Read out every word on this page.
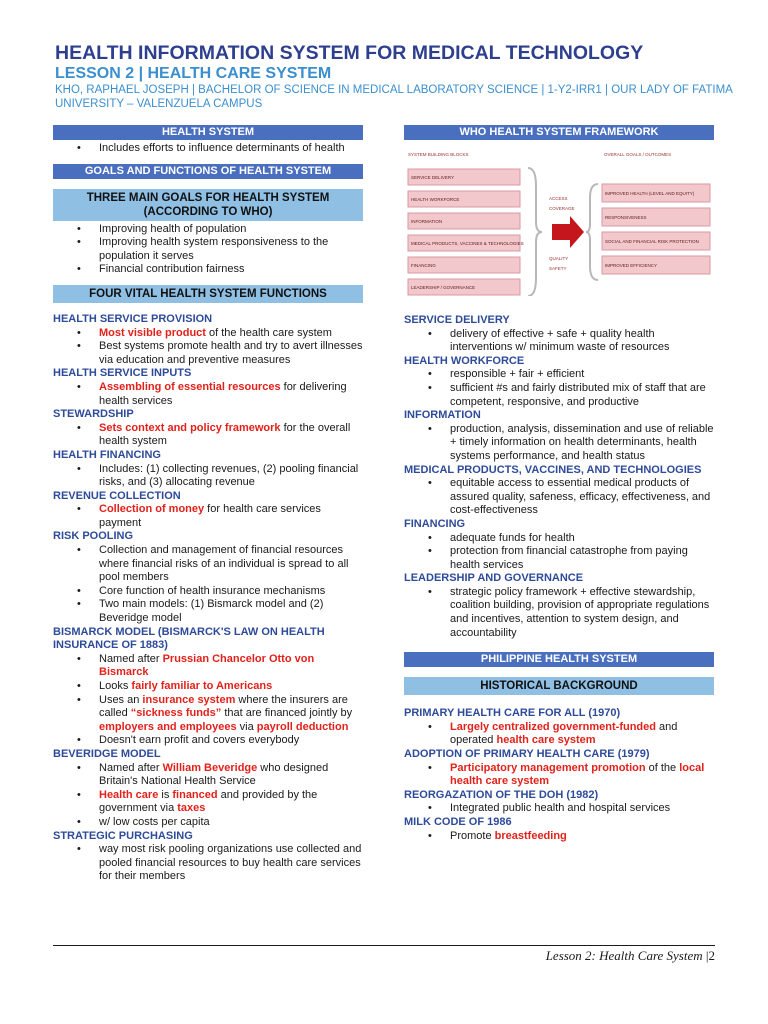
HEALTH INFORMATION SYSTEM FOR MEDICAL TECHNOLOGY
LESSON 2 | HEALTH CARE SYSTEM
KHO, RAPHAEL JOSEPH | BACHELOR OF SCIENCE IN MEDICAL LABORATORY SCIENCE | 1-Y2-IRR1 | OUR LADY OF FATIMA UNIVERSITY – VALENZUELA CAMPUS
HEALTH SYSTEM
• Includes efforts to influence determinants of health
GOALS AND FUNCTIONS OF HEALTH SYSTEM
THREE MAIN GOALS FOR HEALTH SYSTEM (ACCORDING TO WHO)
• Improving health of population
• Improving health system responsiveness to the population it serves
• Financial contribution fairness
FOUR VITAL HEALTH SYSTEM FUNCTIONS
HEALTH SERVICE PROVISION
• Most visible product of the health care system
• Best systems promote health and try to avert illnesses via education and preventive measures
HEALTH SERVICE INPUTS
• Assembling of essential resources for delivering health services
STEWARDSHIP
• Sets context and policy framework for the overall health system
HEALTH FINANCING
• Includes: (1) collecting revenues, (2) pooling financial risks, and (3) allocating revenue
REVENUE COLLECTION
• Collection of money for health care services payment
RISK POOLING
• Collection and management of financial resources where financial risks of an individual is spread to all pool members
• Core function of health insurance mechanisms
• Two main models: (1) Bismarck model and (2) Beveridge model
BISMARCK MODEL (BISMARCK'S LAW ON HEALTH INSURANCE OF 1883)
• Named after Prussian Chancelor Otto von Bismarck
• Looks fairly familiar to Americans
• Uses an insurance system where the insurers are called “sickness funds” that are financed jointly by employers and employees via payroll deduction
• Doesn't earn profit and covers everybody
BEVERIDGE MODEL
• Named after William Beveridge who designed Britain's National Health Service
• Health care is financed and provided by the government via taxes
• w/ low costs per capita
STRATEGIC PURCHASING
• way most risk pooling organizations use collected and pooled financial resources to buy health care services for their members
WHO HEALTH SYSTEM FRAMEWORK
SYSTEM BUILDING BLOCKS	OVERALL GOALS / OUTCOMES
SERVICE DELIVERY
HEALTH WORKFORCE
INFORMATION
MEDICAL PRODUCTS, VACCINES & TECHNOLOGIES
FINANCING
LEADERSHIP / GOVERNANCE
ACCESS
COVERAGE
QUALITY
SAFETY
IMPROVED HEALTH (LEVEL AND EQUITY)
RESPONSIVENESS
SOCIAL AND FINANCIAL RISK PROTECTION
IMPROVED EFFICIENCY
SERVICE DELIVERY
• delivery of effective + safe + quality health interventions w/ minimum waste of resources
HEALTH WORKFORCE
• responsible + fair + efficient
• sufficient #s and fairly distributed mix of staff that are competent, responsive, and productive
INFORMATION
• production, analysis, dissemination and use of reliable + timely information on health determinants, health systems performance, and health status
MEDICAL PRODUCTS, VACCINES, AND TECHNOLOGIES
• equitable access to essential medical products of assured quality, safeness, efficacy, effectiveness, and cost-effectiveness
FINANCING
• adequate funds for health
• protection from financial catastrophe from paying health services
LEADERSHIP AND GOVERNANCE
• strategic policy framework + effective stewardship, coalition building, provision of appropriate regulations and incentives, attention to system design, and accountability
PHILIPPINE HEALTH SYSTEM
HISTORICAL BACKGROUND
PRIMARY HEALTH CARE FOR ALL (1970)
• Largely centralized government-funded and operated health care system
ADOPTION OF PRIMARY HEALTH CARE (1979)
• Participatory management promotion of the local health care system
REORGAZATION OF THE DOH (1982)
• Integrated public health and hospital services
MILK CODE OF 1986
• Promote breastfeeding
Lesson 2: Health Care System |2
